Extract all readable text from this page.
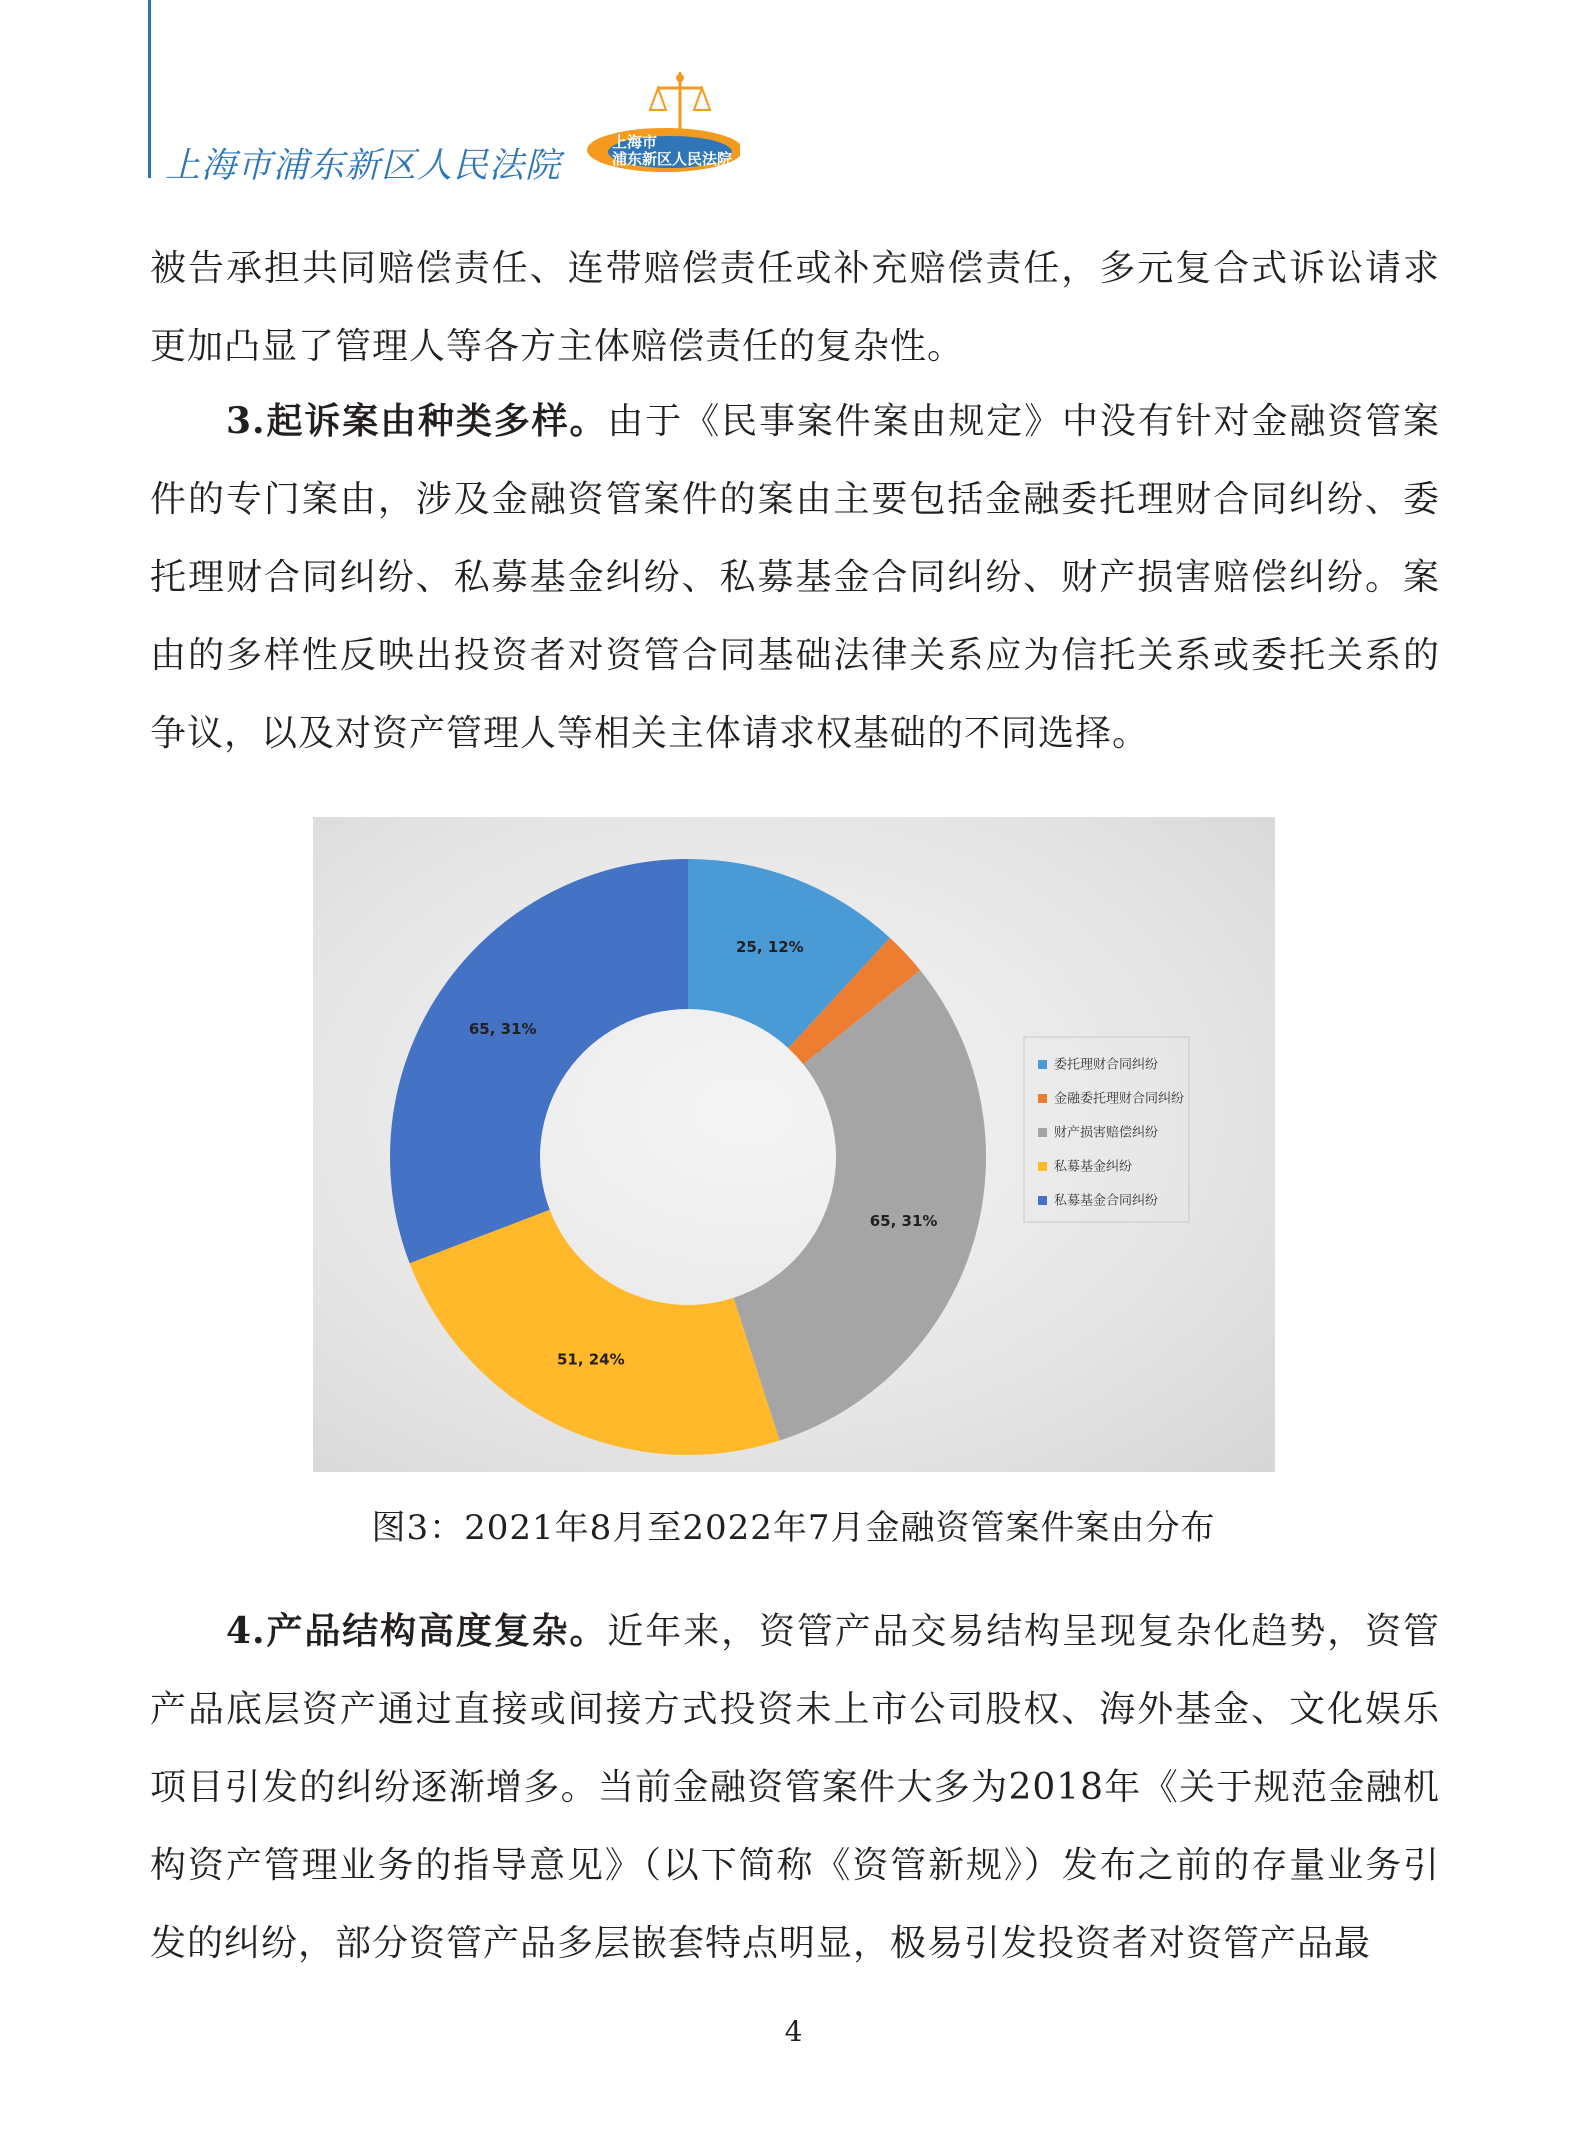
上海市浦东新区人民法院
上海市
浦东新区人民法院
被告承担共同赔偿责任、连带赔偿责任或补充赔偿责任，多元复合式诉讼请求更加凸显了管理人等各方主体赔偿责任的复杂性。
3.起诉案由种类多样。由于《民事案件案由规定》中没有针对金融资管案件的专门案由，涉及金融资管案件的案由主要包括金融委托理财合同纠纷、委托理财合同纠纷、私募基金纠纷、私募基金合同纠纷、财产损害赔偿纠纷。案由的多样性反映出投资者对资管合同基础法律关系应为信托关系或委托关系的争议，以及对资产管理人等相关主体请求权基础的不同选择。
25, 12%
65, 31%
51, 24%
65, 31%
委托理财合同纠纷
金融委托理财合同纠纷
财产损害赔偿纠纷
私募基金纠纷
私募基金合同纠纷
图3：2021年8月至2022年7月金融资管案件案由分布
4.产品结构高度复杂。近年来，资管产品交易结构呈现复杂化趋势，资管产品底层资产通过直接或间接方式投资未上市公司股权、海外基金、文化娱乐项目引发的纠纷逐渐增多。当前金融资管案件大多为2018年《关于规范金融机构资产管理业务的指导意见》（以下简称《资管新规》）发布之前的存量业务引发的纠纷，部分资管产品多层嵌套特点明显，极易引发投资者对资管产品最
4
